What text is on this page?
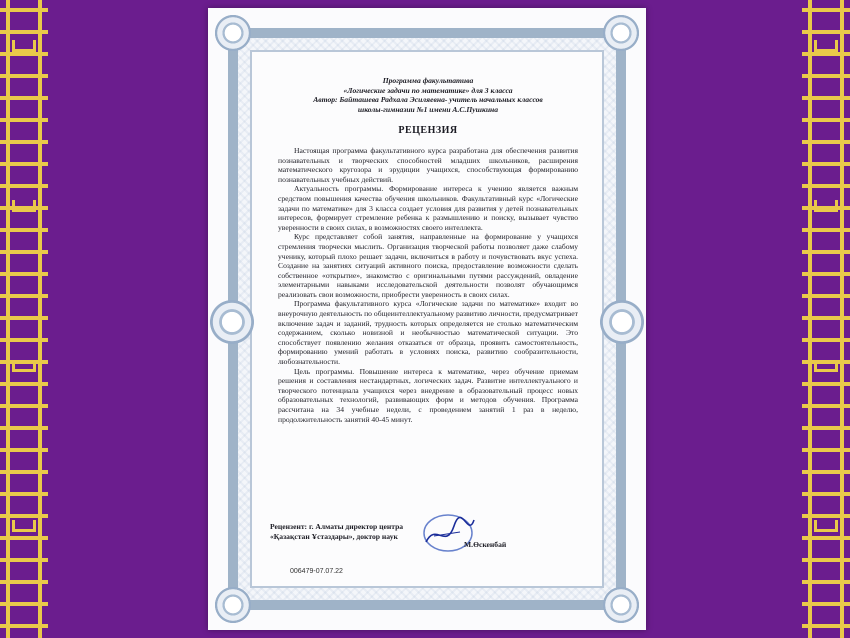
Программа факультатива
«Логические задачи по математике» для 3 класса
Автор: Байташева Радхала Эсиляевна- учитель начальных классов
школы-гимназии №1 имени А.С.Пушкина
РЕЦЕНЗИЯ

Настоящая программа факультативного курса разработана для обеспечения развития познавательных и творческих способностей младших школьников, расширения математического кругозора и эрудиции учащихся, способствующая формированию познавательных учебных действий.

Актуальность программы. Формирование интереса к учению является важным средством повышения качества обучения школьников. Факультативный курс «Логические задачи по математике» для 3 класса создает условия для развития у детей познавательных интересов, формирует стремление ребенка к размышлению и поиску, вызывает чувство уверенности в своих силах, в возможностях своего интеллекта.

Курс представляет собой занятия, направленные на формирование у учащихся стремления творчески мыслить. Организация творческой работы позволяет даже слабому ученику, который плохо решает задачи, включиться в работу и почувствовать вкус успеха. Создание на занятиях ситуаций активного поиска, предоставление возможности сделать собственное «открытие», знакомство с оригинальными путями рассуждений, овладение элементарными навыками исследовательской деятельности позволят обучающимся реализовать свои возможности, приобрести уверенность в своих силах.

Программа факультативного курса «Логические задачи по математике» входит во внеурочную деятельность по общеинтеллектуальному развитию личности, предусматривает включение задач и заданий, трудность которых определяется не столько математическим содержанием, сколько новизной и необычностью математической ситуации. Это способствует появлению желания отказаться от образца, проявить самостоятельность, формированию умений работать в условиях поиска, развитию сообразительности, любознательности.

Цель программы. Повышение интереса к математике, через обучение приемам решения и составления нестандартных, логических задач. Развитие интеллектуального и творческого потенциала учащихся через внедрение в образовательный процесс новых образовательных технологий, развивающих форм и методов обучения. Программа рассчитана на 34 учебные недели, с проведением занятий 1 раз в неделю, продолжительность занятий 40-45 минут.

Рецензент: г. Алматы директор центра
«Қазақстан Ұстаздары», доктор наук
М.Өскенбай
006479-07.07.22
